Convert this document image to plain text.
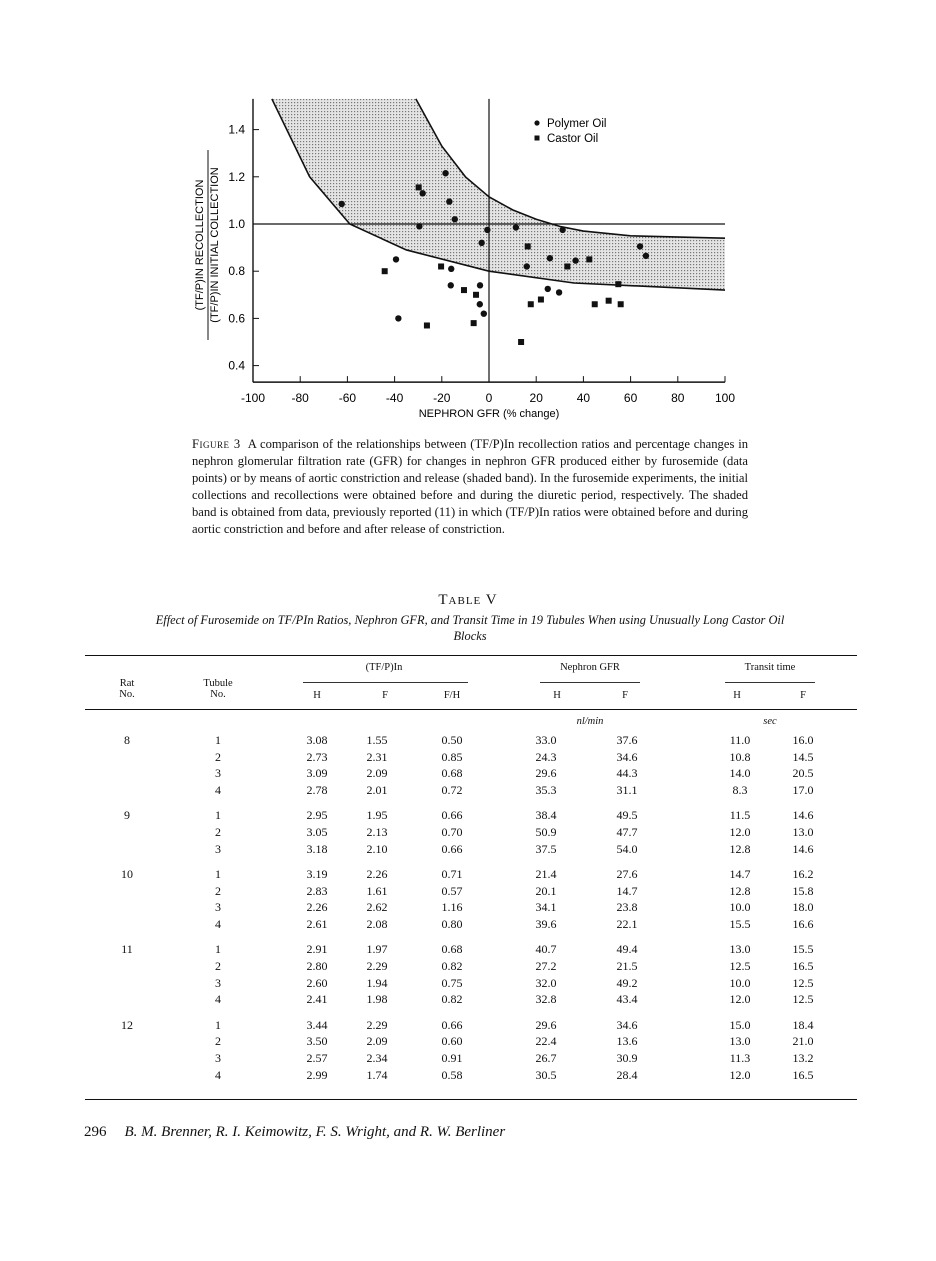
-100 -80 -60 -40 -20	0	20	40	60	80	100
0.4
0.6
0.8
1.0
1.2
1.4
NEPHRON GFR (% change)
(TF/P)IN RECOLLECTION (TF/P)IN INITIAL COLLECTION
Polymer Oil
Castor Oil
Figure 3 A comparison of the relationships between (TF/P)In recollection ratios and percentage changes in nephron glomerular filtration rate (GFR) for changes in nephron GFR produced either by furosemide (data points) or by means of aortic constriction and release (shaded band). In the furosemide experiments, the initial collections and recollections were obtained before and during the diuretic period, respectively. The shaded band is obtained from data, previously reported (11) in which (TF/P)In ratios were obtained before and during aortic constriction and before and after release of constriction.
Table V
Effect of Furosemide on TF/PIn Ratios, Nephron GFR, and Transit Time in 19 Tubules When using Unusually Long Castor Oil Blocks
Rat No.
Tubule No.
(TF/P)In	Nephron GFR	Transit time
H	F	F/H	H	F	H	F
nl/min	sec
8	1	3.08	1.55	0.50	33.0	37.6	11.0	16.0
2	2.73	2.31	0.85	24.3	34.6	10.8	14.5
3	3.09	2.09	0.68	29.6	44.3	14.0	20.5
4	2.78	2.01	0.72	35.3	31.1	8.3	17.0
9	1	2.95	1.95	0.66	38.4	49.5	11.5	14.6
2	3.05	2.13	0.70	50.9	47.7	12.0	13.0
3	3.18	2.10	0.66	37.5	54.0	12.8	14.6
10	1	3.19	2.26	0.71	21.4	27.6	14.7	16.2
2	2.83	1.61	0.57	20.1	14.7	12.8	15.8
3	2.26	2.62	1.16	34.1	23.8	10.0	18.0
4	2.61	2.08	0.80	39.6	22.1	15.5	16.6
11	1	2.91	1.97	0.68	40.7	49.4	13.0	15.5
2	2.80	2.29	0.82	27.2	21.5	12.5	16.5
3	2.60	1.94	0.75	32.0	49.2	10.0	12.5
4	2.41	1.98	0.82	32.8	43.4	12.0	12.5
12	1	3.44	2.29	0.66	29.6	34.6	15.0	18.4
2	3.50	2.09	0.60	22.4	13.6	13.0	21.0
3	2.57	2.34	0.91	26.7	30.9	11.3	13.2
4	2.99	1.74	0.58	30.5	28.4	12.0	16.5
296 B. M. Brenner, R. I. Keimowitz, F. S. Wright, and R. W. Berliner
